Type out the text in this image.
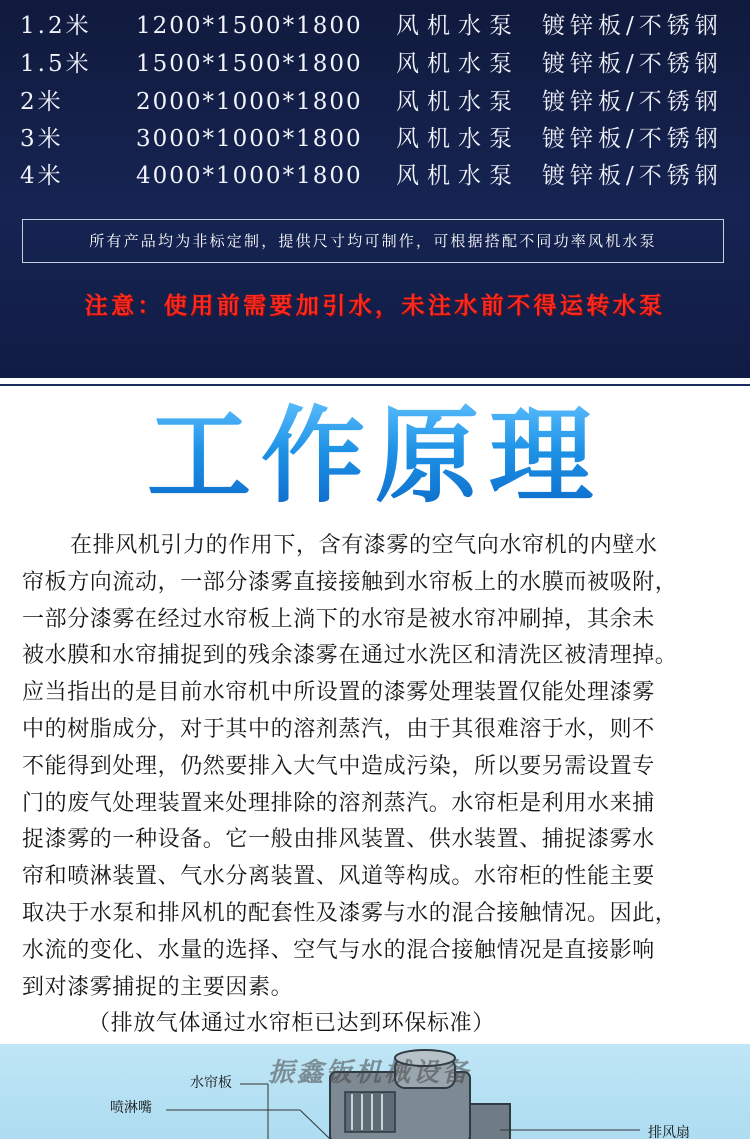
1.2米 1200*1500*1800 风机水泵 镀锌板/不锈钢
1.5米 1500*1500*1800 风机水泵 镀锌板/不锈钢
2米	2000*1000*1800 风机水泵 镀锌板/不锈钢
3米	3000*1000*1800 风机水泵 镀锌板/不锈钢
4米	4000*1000*1800 风机水泵 镀锌板/不锈钢
所有产品均为非标定制，提供尺寸均可制作，可根据搭配不同功率风机水泵
注意：使用前需要加引水，未注水前不得运转水泵
工作原理
在排风机引力的作用下，含有漆雾的空气向水帘机的内壁水
帘板方向流动，一部分漆雾直接接触到水帘板上的水膜而被吸附，
一部分漆雾在经过水帘板上淌下的水帘是被水帘冲刷掉，其余未
被水膜和水帘捕捉到的残余漆雾在通过水洗区和清洗区被清理掉。
应当指出的是目前水帘机中所设置的漆雾处理装置仅能处理漆雾
中的树脂成分，对于其中的溶剂蒸汽，由于其很难溶于水，则不
不能得到处理，仍然要排入大气中造成污染，所以要另需设置专
门的废气处理装置来处理排除的溶剂蒸汽。水帘柜是利用水来捕
捉漆雾的一种设备。它一般由排风装置、供水装置、捕捉漆雾水
帘和喷淋装置、气水分离装置、风道等构成。水帘柜的性能主要
取决于水泵和排风机的配套性及漆雾与水的混合接触情况。因此，
水流的变化、水量的选择、空气与水的混合接触情况是直接影响
到对漆雾捕捉的主要因素。
（排放气体通过水帘柜已达到环保标准）
振鑫钣机械设备
水帘板
喷淋嘴
排风扇
